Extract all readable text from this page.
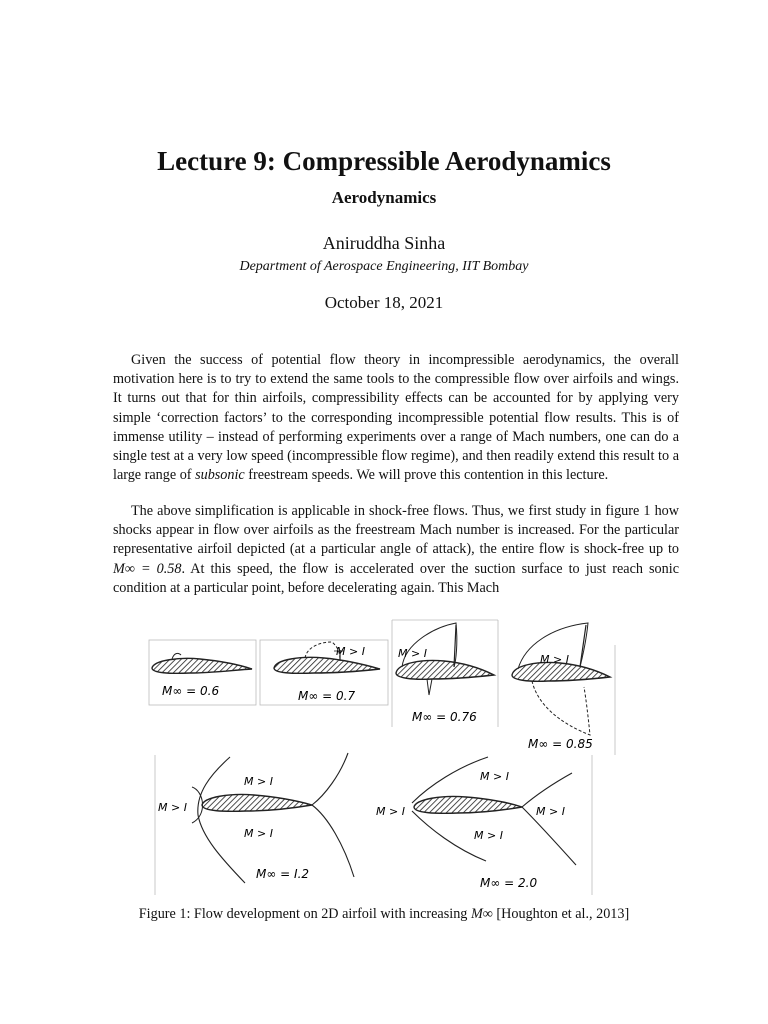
Lecture 9: Compressible Aerodynamics
Aerodynamics
Aniruddha Sinha
Department of Aerospace Engineering, IIT Bombay
October 18, 2021

Given the success of potential flow theory in incompressible aerodynamics, the overall motivation here is to try to extend the same tools to the compressible flow over airfoils and wings. It turns out that for thin airfoils, compressibility effects can be accounted for by applying very simple ‘correction factors’ to the corresponding incompressible potential flow results. This is of immense utility – instead of performing experiments over a range of Mach numbers, one can do a single test at a very low speed (incompressible flow regime), and then readily extend this result to a large range of subsonic freestream speeds. We will prove this contention in this lecture.

The above simplification is applicable in shock-free flows. Thus, we first study in figure 1 how shocks appear in flow over airfoils as the freestream Mach number is increased. For the particular representative airfoil depicted (at a particular angle of attack), the entire flow is shock-free up to M∞ = 0.58. At this speed, the flow is accelerated over the suction surface to just reach sonic condition at a particular point, before decelerating again. This Mach

M∞ = 0.6
M > I
M∞ = 0.7
M > I
M∞ = 0.76
M > I
M∞ = 0.85
M > I
M > I
M > I
M∞ = I.2
M > I
M > I	M > I
M > I
M∞ = 2.0
Figure 1: Flow development on 2D airfoil with increasing M∞ [Houghton et al., 2013]
